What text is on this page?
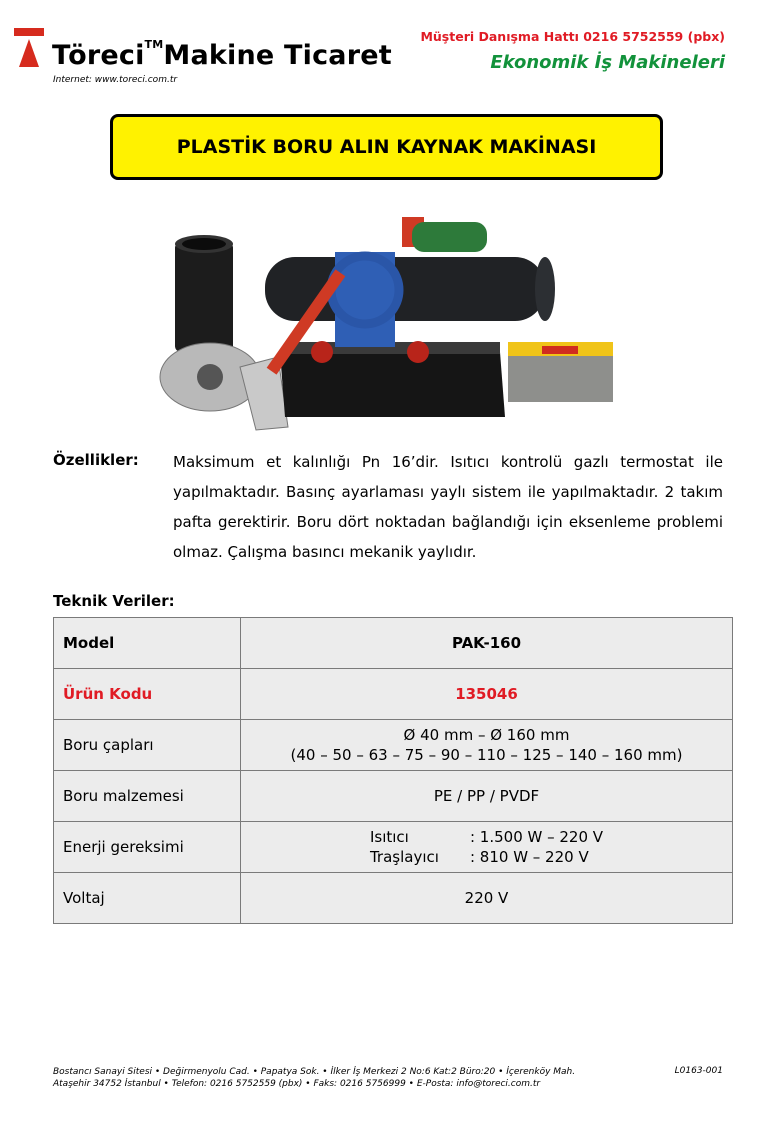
Töreci™Makine Ticaret
Internet: www.toreci.com.tr
Müşteri Danışma Hattı 0216 5752559 (pbx)
Ekonomik İş Makineleri
PLASTİK BORU ALIN KAYNAK MAKİNASI
Özellikler: Maksimum et kalınlığı Pn 16’dir. Isıtıcı kontrolü gazlı termostat ile yapılmaktadır. Basınç ayarlaması yaylı sistem ile yapılmaktadır. 2 takım pafta gerektirir. Boru dört noktadan bağlandığı için eksenleme problemi olmaz. Çalışma basıncı mekanik yaylıdır.
Teknik Veriler:
Model	PAK-160
Ürün Kodu	135046
Boru çapları	Ø 40 mm – Ø 160 mm
(40 – 50 – 63 – 75 – 90 – 110 – 125 – 140 – 160 mm)

Boru malzemesi	PE / PP / PVDF
Enerji gereksimi	Isıtıcı : 1.500 W – 220 V
Traşlayıcı : 810 W – 220 V

Voltaj	220 V
Bostancı Sanayi Sitesi • Değirmenyolu Cad. • Papatya Sok. • İlker İş Merkezi 2 No:6 Kat:2 Büro:20 • İçerenköy Mah.
Ataşehir 34752 İstanbul • Telefon: 0216 5752559 (pbx) • Faks: 0216 5756999 • E-Posta: info@toreci.com.tr
L0163-001
